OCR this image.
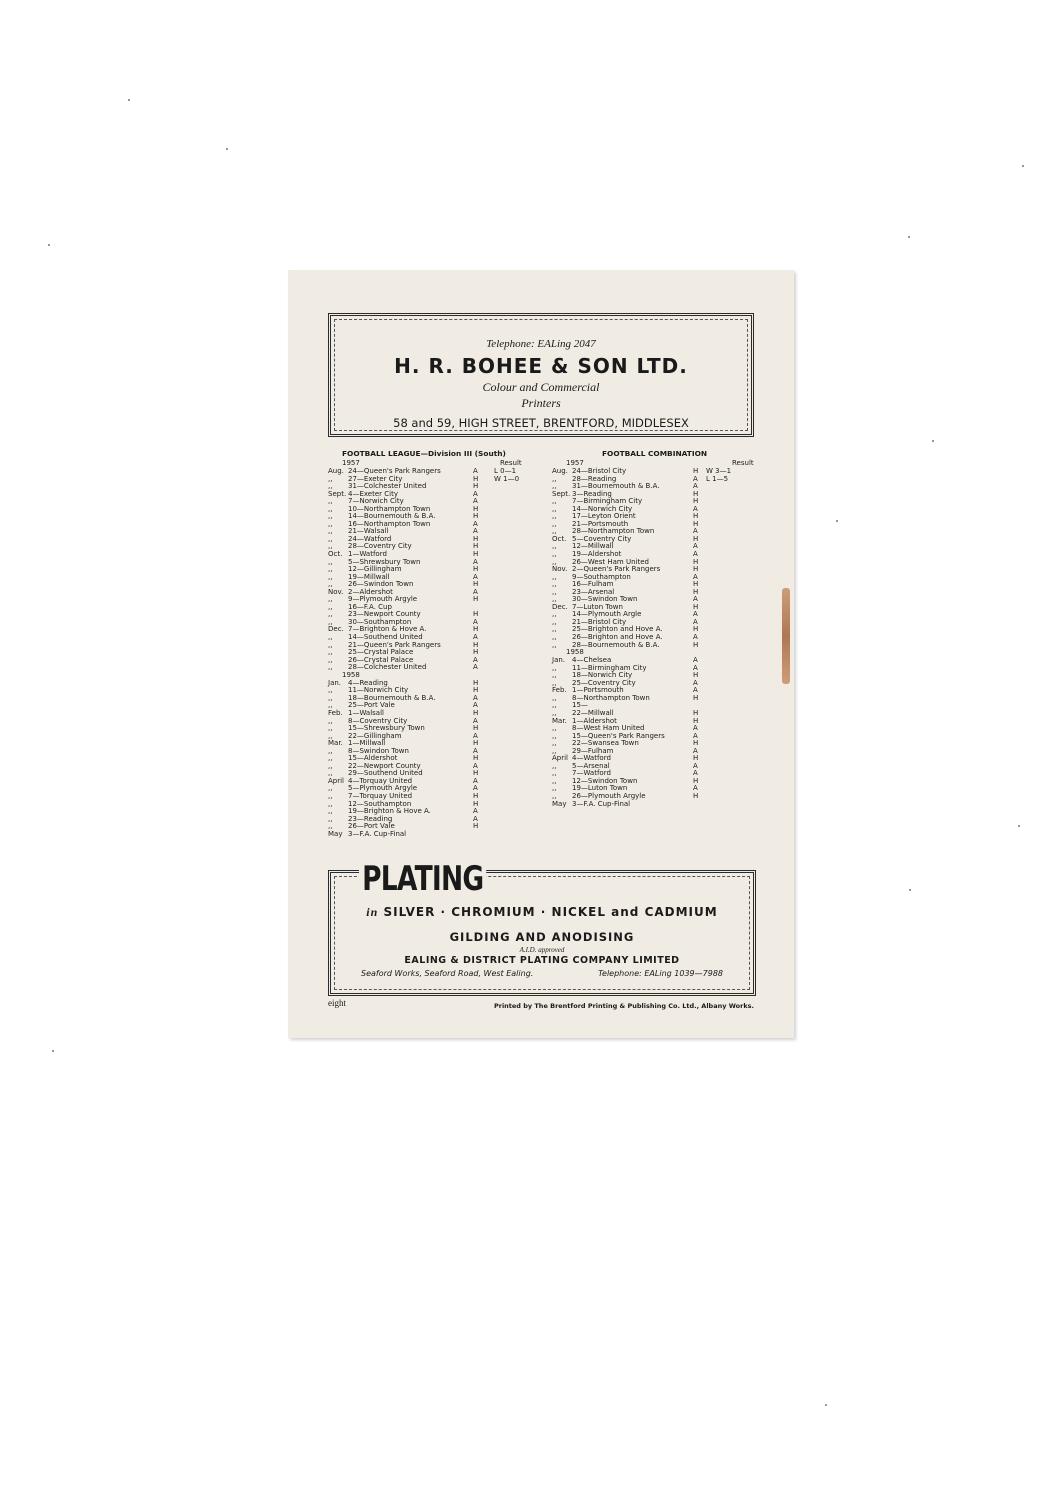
Telephone: EALing 2047
H. R. BOHEE & SON LTD.
Colour and Commercial
Printers
58 and 59, HIGH STREET, BRENTFORD, MIDDLESEX
FOOTBALL LEAGUE—Division III (South)
Result
1957
Aug. 24—Queen's Park Rangers	A L 0—1
,,	27—Exeter City	H W 1—0
,,	31—Colchester United	H
Sept. 4—Exeter City	A
,,	7—Norwich City	A
,,	10—Northampton Town	H
,,	14—Bournemouth & B.A.	H
,,	16—Northampton Town	A
,,	21—Walsall	A
,,	24—Watford	H
,,	28—Coventry City	H
Oct. 1—Watford	H
,,	5—Shrewsbury Town	A
,,	12—Gillingham	H
,,	19—Millwall	A
,,	26—Swindon Town	H
Nov. 2—Aldershot	A
,,	9—Plymouth Argyle	H
,,	16—F.A. Cup
,,	23—Newport County	H
,,	30—Southampton	A
Dec. 7—Brighton & Hove A.	H
,,	14—Southend United	A
,,	21—Queen's Park Rangers	H
,,	25—Crystal Palace	H
,,	26—Crystal Palace	A
,,	28—Colchester United	A
1958
Jan. 4—Reading	H
,,	11—Norwich City	H
,,	18—Bournemouth & B.A.	A
,,	25—Port Vale	A
Feb. 1—Walsall	H
,,	8—Coventry City	A
,,	15—Shrewsbury Town	H
,,	22—Gillingham	A
Mar. 1—Millwall	H
,,	8—Swindon Town	A
,,	15—Aldershot	H
,,	22—Newport County	A
,,	29—Southend United	H
April 4—Torquay United	A
,,	5—Plymouth Argyle	A
,,	7—Torquay United	H
,,	12—Southampton	H
,,	19—Brighton & Hove A.	A
,,	23—Reading	A
,,	26—Port Vale	H
May 3—F.A. Cup-Final
FOOTBALL COMBINATION
Result
1957
Aug. 24—Bristol City	H W 3—1
,,	28—Reading	A L 1—5
,,	31—Bournemouth & B.A.	A
Sept. 3—Reading	H
,,	7—Birmingham City	H
,,	14—Norwich City	A
,,	17—Leyton Orient	H
,,	21—Portsmouth	H
,,	28—Northampton Town	A
Oct. 5—Coventry City	H
,,	12—Millwall	A
,,	19—Aldershot	A
,,	26—West Ham United	H
Nov. 2—Queen's Park Rangers	H
,,	9—Southampton	A
,,	16—Fulham	H
,,	23—Arsenal	H
,,	30—Swindon Town	A
Dec. 7—Luton Town	H
,,	14—Plymouth Argle	A
,,	21—Bristol City	A
,,	25—Brighton and Hove A.	H
,,	26—Brighton and Hove A.	A
,,	28—Bournemouth & B.A.	H
1958
Jan. 4—Chelsea	A
,,	11—Birmingham City	A
,,	18—Norwich City	H
,,	25—Coventry City	A
Feb. 1—Portsmouth	A
,,	8—Northampton Town	H
,,	15—
,,	22—Millwall	H
Mar. 1—Aldershot	H
,,	8—West Ham United	A
,,	15—Queen's Park Rangers	A
,,	22—Swansea Town	H
,,	29—Fulham	A
April 4—Watford	H
,,	5—Arsenal	A
,,	7—Watford	A
,,	12—Swindon Town	H
,,	19—Luton Town	A
,,	26—Plymouth Argyle	H
May 3—F.A. Cup-Final
PLATING
in SILVER · CHROMIUM · NICKEL and CADMIUM
GILDING AND ANODISING
A.I.D. approved
EALING & DISTRICT PLATING COMPANY LIMITED
Seaford Works, Seaford Road, West Ealing.	Telephone: EALing 1039—7988
eight	Printed by The Brentford Printing & Publishing Co. Ltd., Albany Works.
